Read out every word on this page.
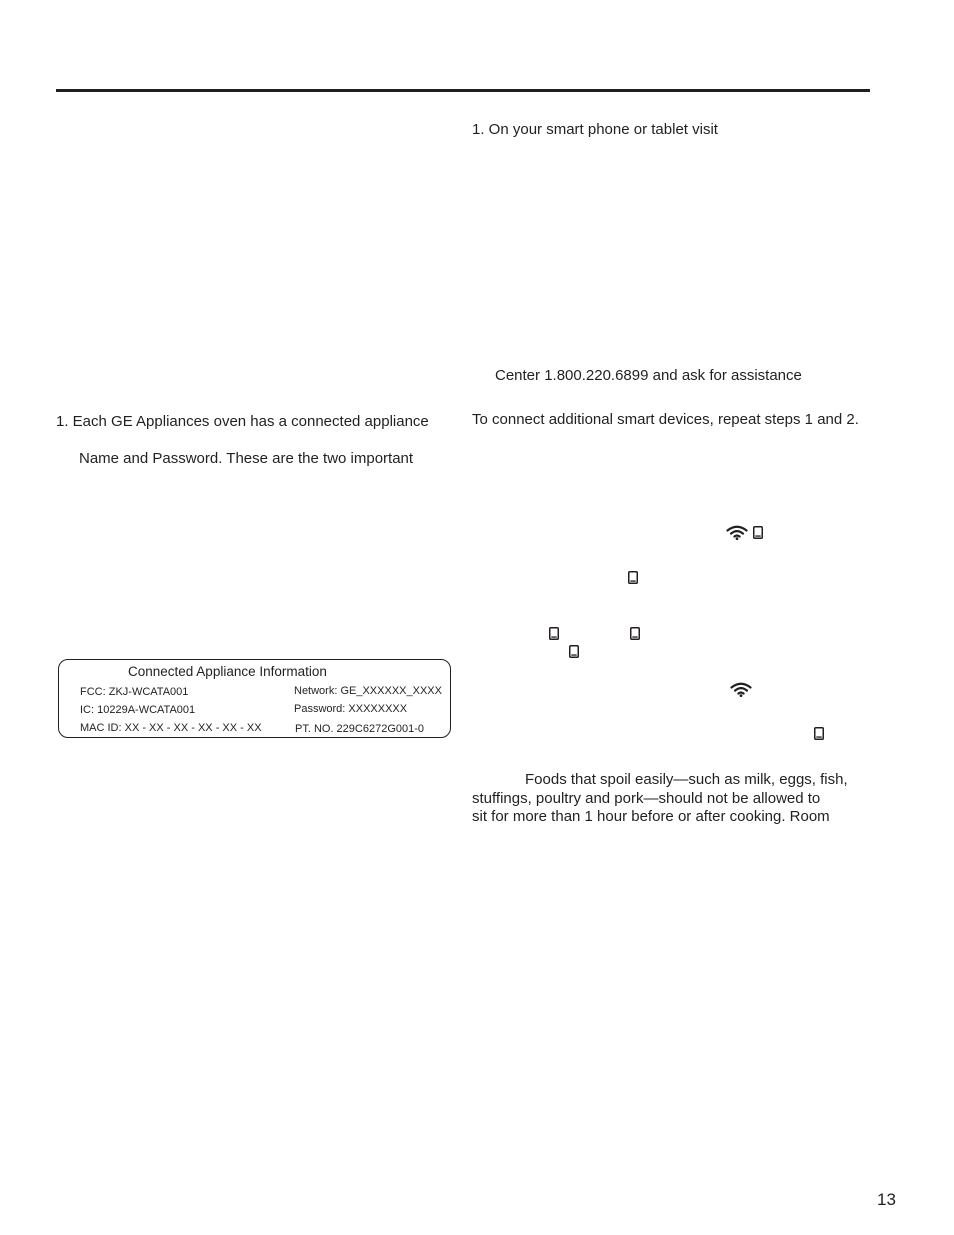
1. On your smart phone or tablet visit
Center 1.800.220.6899 and ask for assistance
To connect additional smart devices, repeat steps 1 and 2.
1. Each GE Appliances oven has a connected appliance
Name and Password. These are the two important
Connected Appliance Information
FCC: ZKJ-WCATA001
IC: 10229A-WCATA001
MAC ID: XX - XX - XX - XX - XX - XX
Network: GE_XXXXXX_XXXX
Password: XXXXXXXX
PT. NO. 229C6272G001-0
Foods that spoil easily—such as milk, eggs, fish,
stuffings, poultry and pork—should not be allowed to
sit for more than 1 hour before or after cooking. Room
13
